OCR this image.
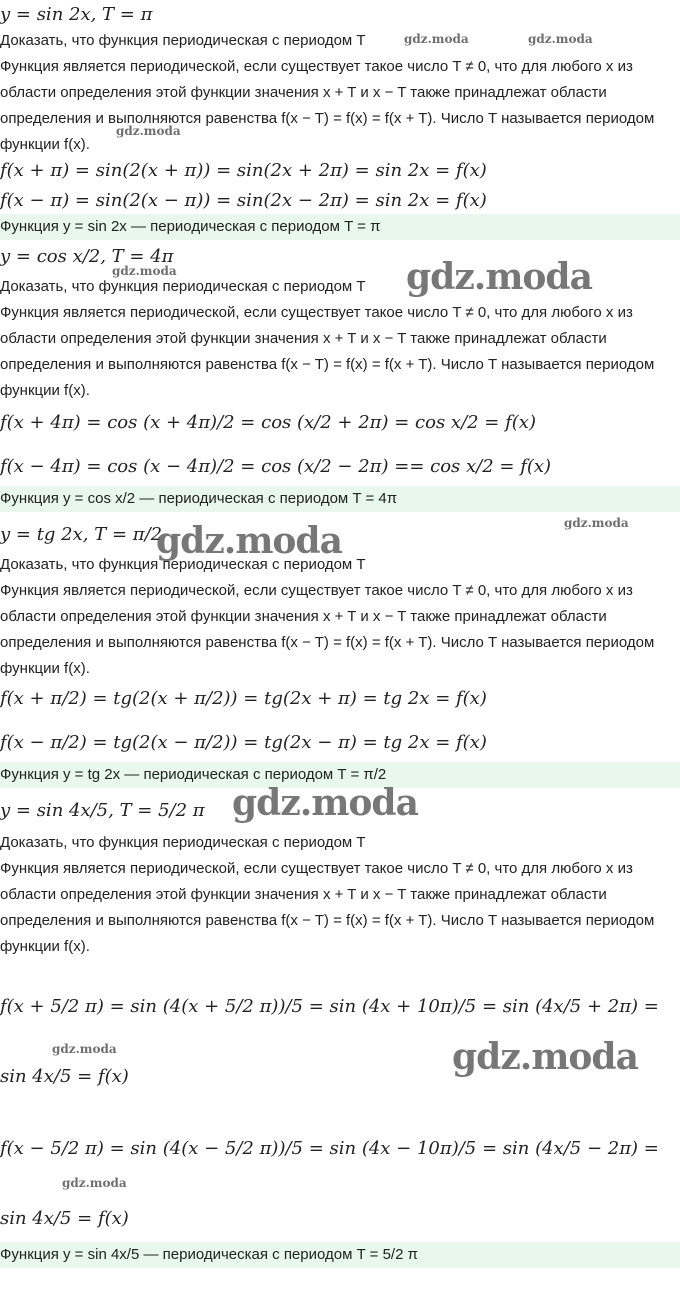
y = sin 2x, T = π
Доказать, что функция периодическая с периодом T
Функция является периодической, если существует такое число T ≠ 0, что для любого x из области определения этой функции значения x + T и x − T также принадлежат области определения и выполняются равенства f(x − T) = f(x) = f(x + T). Число T называется периодом функции f(x).
f(x + π) = sin(2(x + π)) = sin(2x + 2π) = sin 2x = f(x)
f(x − π) = sin(2(x − π)) = sin(2x − 2π) = sin 2x = f(x)
Функция y = sin 2x — периодическая с периодом T = π
y = cos x/2, T = 4π
Доказать, что функция периодическая с периодом T
Функция является периодической, если существует такое число T ≠ 0, что для любого x из области определения этой функции значения x + T и x − T также принадлежат области определения и выполняются равенства f(x − T) = f(x) = f(x + T). Число T называется периодом функции f(x).
f(x + 4π) = cos (x + 4π)/2 = cos (x/2 + 2π) = cos x/2 = f(x)
f(x − 4π) = cos (x − 4π)/2 = cos (x/2 − 2π) == cos x/2 = f(x)
Функция y = cos x/2 — периодическая с периодом T = 4π
y = tg 2x, T = π/2
Доказать, что функция периодическая с периодом T
Функция является периодической, если существует такое число T ≠ 0, что для любого x из области определения этой функции значения x + T и x − T также принадлежат области определения и выполняются равенства f(x − T) = f(x) = f(x + T). Число T называется периодом функции f(x).
f(x + π/2) = tg(2(x + π/2)) = tg(2x + π) = tg 2x = f(x)
f(x − π/2) = tg(2(x − π/2)) = tg(2x − π) = tg 2x = f(x)
Функция y = tg 2x — периодическая с периодом T = π/2
y = sin 4x/5, T = 5/2 π
Доказать, что функция периодическая с периодом T
Функция является периодической, если существует такое число T ≠ 0, что для любого x из области определения этой функции значения x + T и x − T также принадлежат области определения и выполняются равенства f(x − T) = f(x) = f(x + T). Число T называется периодом функции f(x).
f(x + 5/2 π) = sin (4(x + 5/2 π))/5 = sin (4x + 10π)/5 = sin (4x/5 + 2π) =
sin 4x/5 = f(x)
f(x − 5/2 π) = sin (4(x − 5/2 π))/5 = sin (4x − 10π)/5 = sin (4x/5 − 2π) =
sin 4x/5 = f(x)
Функция y = sin 4x/5 — периодическая с периодом T = 5/2 π
gdz.moda	gdz.moda
gdz.moda
gdz.moda	gdz.moda
gdz.moda
gdz.moda
gdz.moda
gdz.moda	gdz.moda
gdz.moda
